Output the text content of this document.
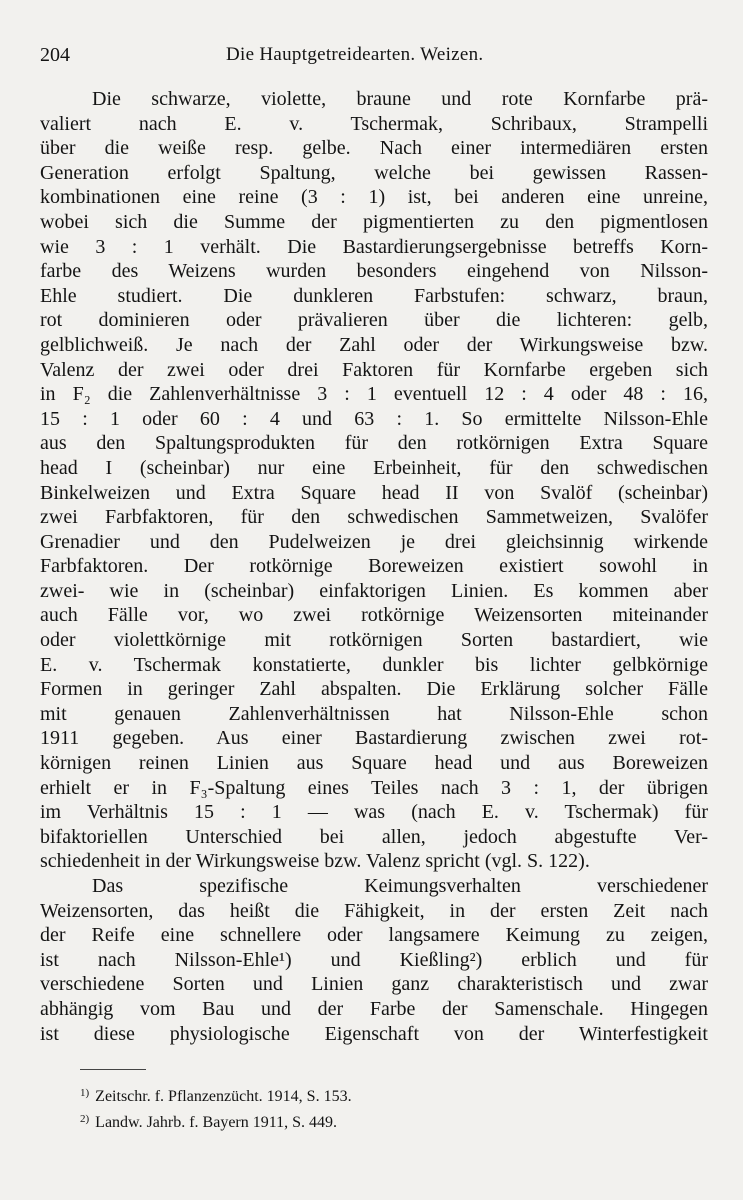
204	Die Hauptgetreidearten. Weizen.
Die schwarze, violette, braune und rote Kornfarbe prä-
valiert nach E. v. Tschermak, Schribaux, Strampelli
über die weiße resp. gelbe. Nach einer intermediären ersten
Generation erfolgt Spaltung, welche bei gewissen Rassen-
kombinationen eine reine (3 : 1) ist, bei anderen eine unreine,
wobei sich die Summe der pigmentierten zu den pigmentlosen
wie 3 : 1 verhält. Die Bastardierungsergebnisse betreffs Korn-
farbe des Weizens wurden besonders eingehend von Nilsson-
Ehle studiert. Die dunkleren Farbstufen: schwarz, braun,
rot dominieren oder prävalieren über die lichteren: gelb,
gelblichweiß. Je nach der Zahl oder der Wirkungsweise bzw.
Valenz der zwei oder drei Faktoren für Kornfarbe ergeben sich
in F₂ die Zahlenverhältnisse 3 : 1 eventuell 12 : 4 oder 48 : 16,
15 : 1 oder 60 : 4 und 63 : 1. So ermittelte Nilsson-Ehle
aus den Spaltungsprodukten für den rotkörnigen Extra Square
head I (scheinbar) nur eine Erbeinheit, für den schwedischen
Binkelweizen und Extra Square head II von Svalöf (scheinbar)
zwei Farbfaktoren, für den schwedischen Sammetweizen, Svalöfer
Grenadier und den Pudelweizen je drei gleichsinnig wirkende
Farbfaktoren. Der rotkörnige Boreweizen existiert sowohl in
zwei- wie in (scheinbar) einfaktorigen Linien. Es kommen aber
auch Fälle vor, wo zwei rotkörnige Weizensorten miteinander
oder violettkörnige mit rotkörnigen Sorten bastardiert, wie
E. v. Tschermak konstatierte, dunkler bis lichter gelbkörnige
Formen in geringer Zahl abspalten. Die Erklärung solcher Fälle
mit genauen Zahlenverhältnissen hat Nilsson-Ehle schon
1911 gegeben. Aus einer Bastardierung zwischen zwei rot-
körnigen reinen Linien aus Square head und aus Boreweizen
erhielt er in F₃-Spaltung eines Teiles nach 3 : 1, der übrigen
im Verhältnis 15 : 1 — was (nach E. v. Tschermak) für
bifaktoriellen Unterschied bei allen, jedoch abgestufte Ver-
schiedenheit in der Wirkungsweise bzw. Valenz spricht (vgl. S. 122).
Das spezifische Keimungsverhalten verschiedener
Weizensorten, das heißt die Fähigkeit, in der ersten Zeit nach
der Reife eine schnellere oder langsamere Keimung zu zeigen,
ist nach Nilsson-Ehle¹) und Kießling²) erblich und für
verschiedene Sorten und Linien ganz charakteristisch und zwar
abhängig vom Bau und der Farbe der Samenschale. Hingegen
ist diese physiologische Eigenschaft von der Winterfestigkeit
$^{1)}$ Zeitschr. f. Pflanzenzücht. 1914, S. 153.
$^{2)}$ Landw. Jahrb. f. Bayern 1911, S. 449.
